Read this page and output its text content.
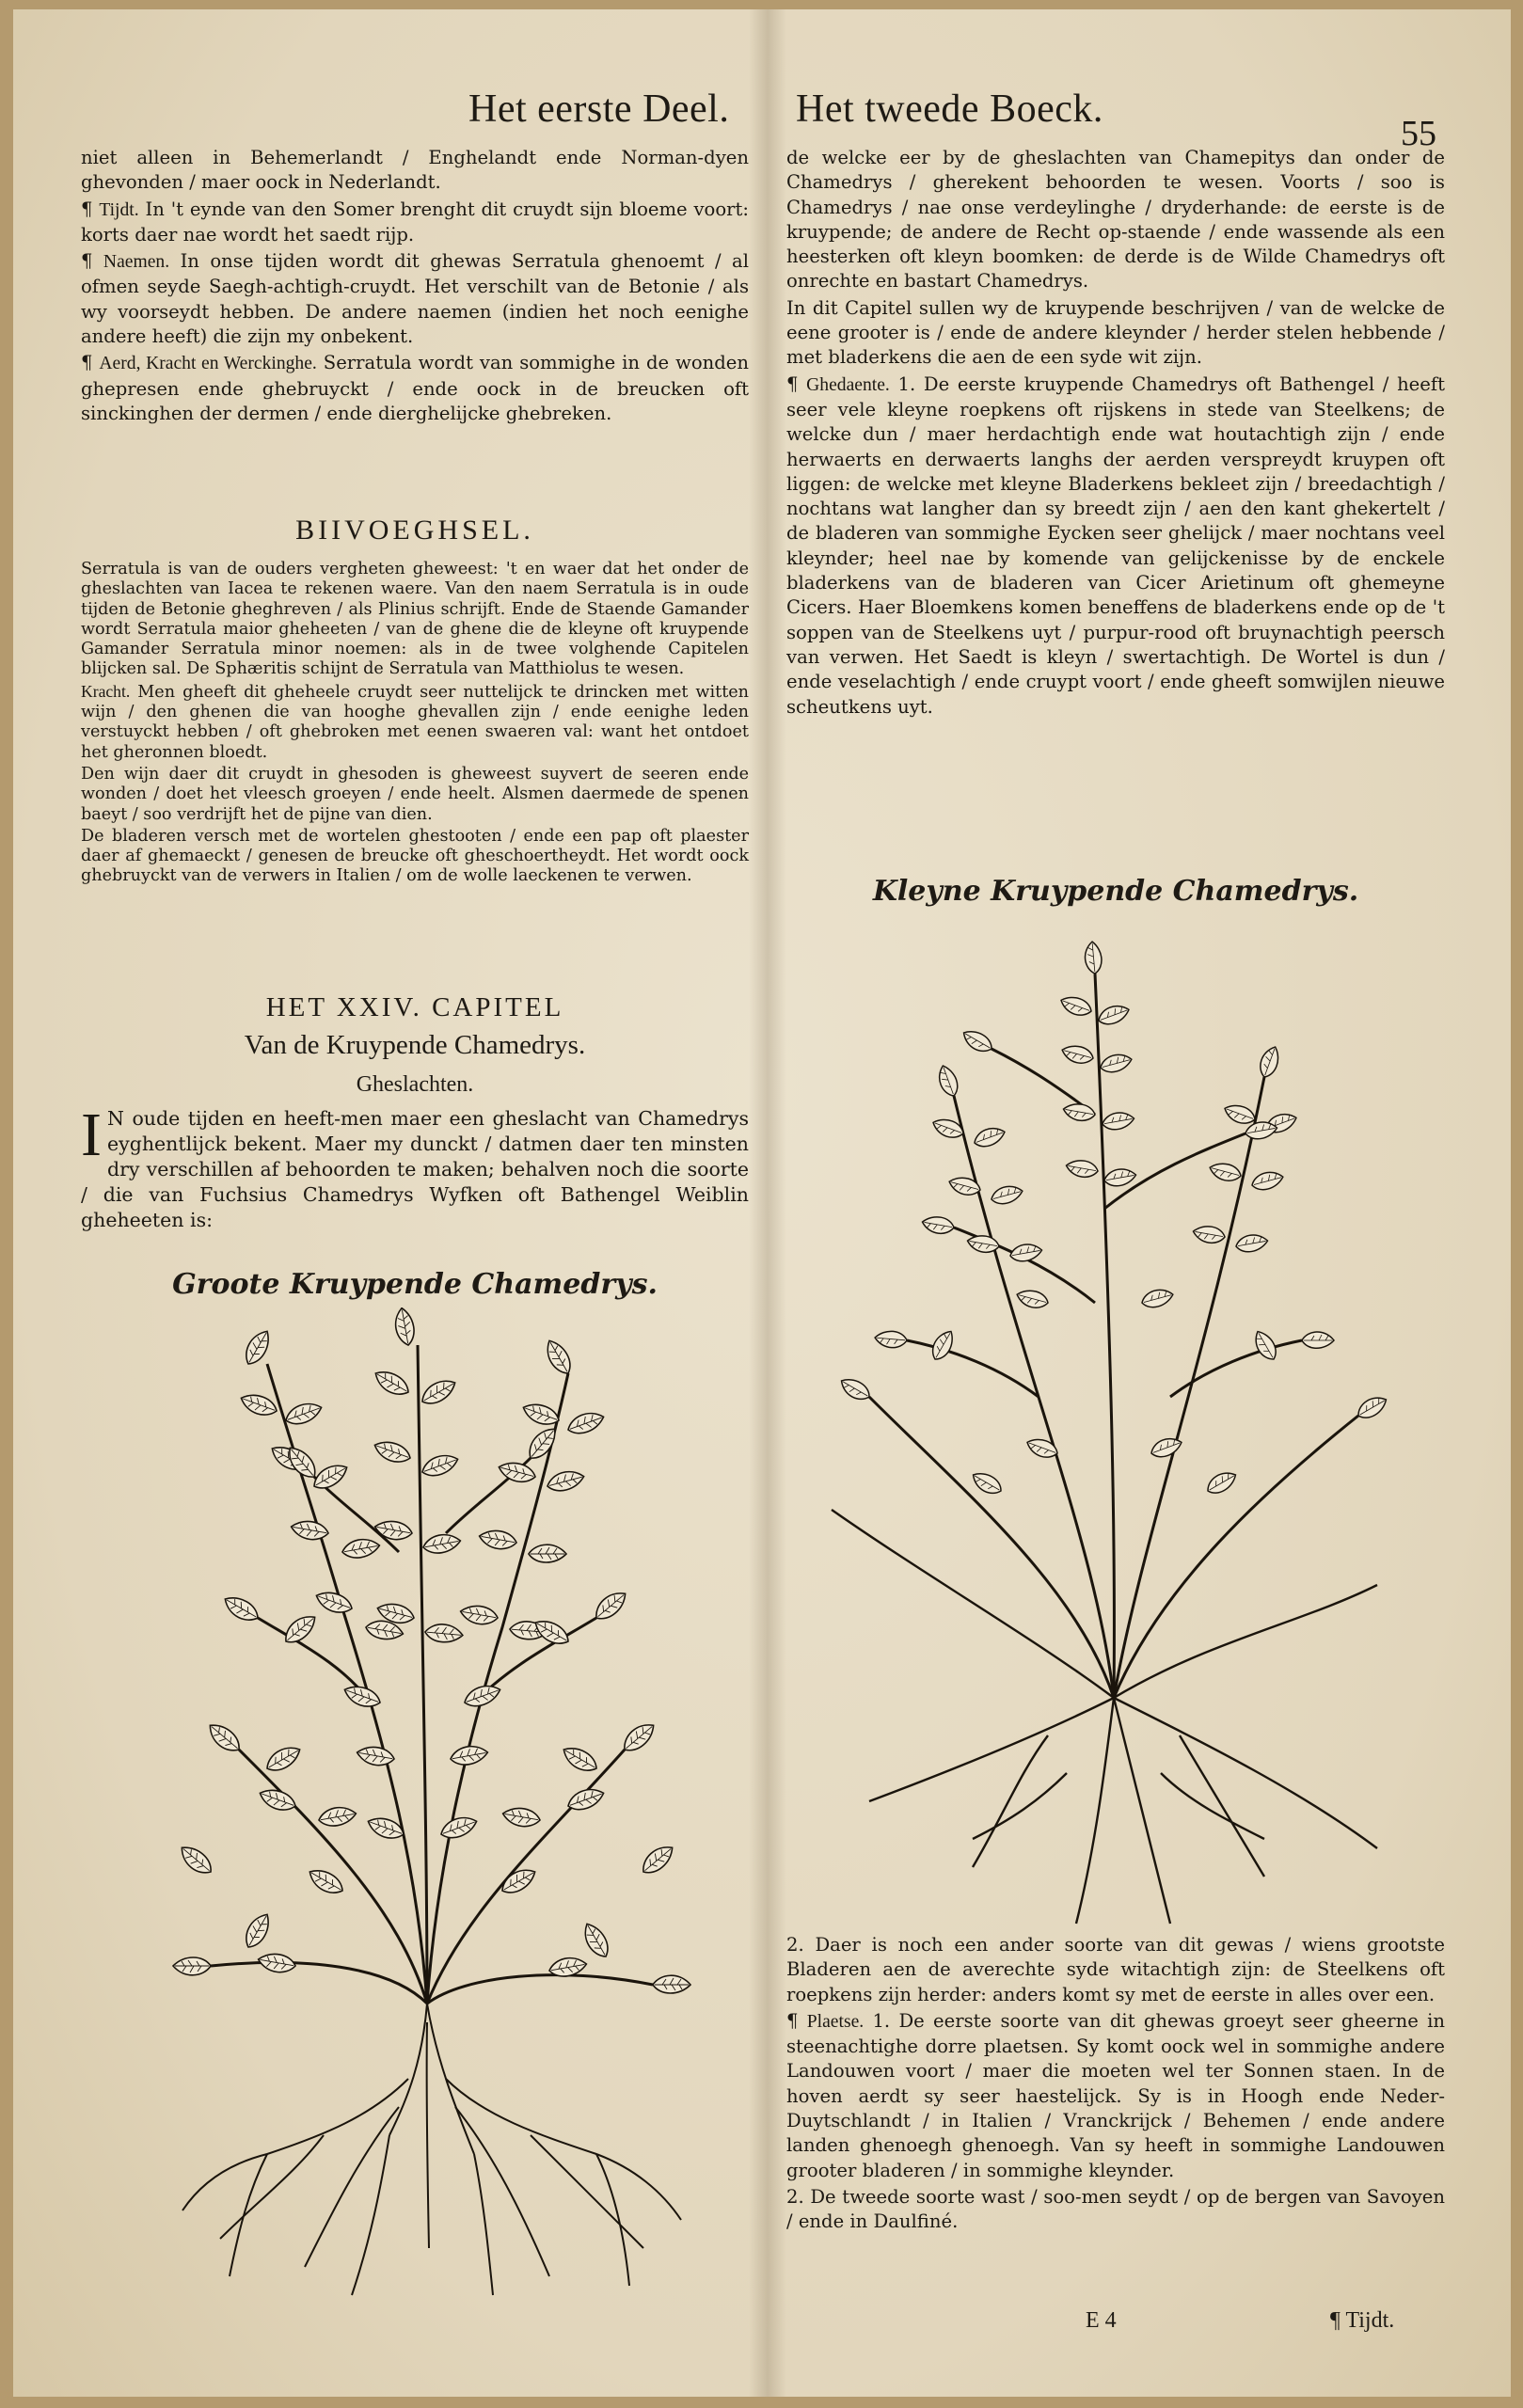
Het eerste Deel. Het tweede Boeck.
55

niet alleen in Behemerlandt / Enghelandt ende Norman-dyen ghevonden / maer oock in Nederlandt.

¶ Tijdt. In 't eynde van den Somer brenght dit cruydt sijn bloeme voort: korts daer nae wordt het saedt rijp.

¶ Naemen. In onse tijden wordt dit ghewas Serratula ghenoemt / al ofmen seyde Saegh-achtigh-cruydt. Het verschilt van de Betonie / als wy voorseydt hebben. De andere naemen (indien het noch eenighe andere heeft) die zijn my onbekent.

¶ Aerd, Kracht en Werckinghe. Serratula wordt van sommighe in de wonden ghepresen ende ghebruyckt / ende oock in de breucken oft sinckinghen der dermen / ende dierghelijcke ghebreken.

BIIVOEGHSEL.

Serratula is van de ouders vergheten gheweest: 't en waer dat het onder de gheslachten van Iacea te rekenen waere. Van den naem Serratula is in oude tijden de Betonie gheghreven / als Plinius schrijft. Ende de Staende Gamander wordt Serratula maior gheheeten / van de ghene die de kleyne oft kruypende Gamander Serratula minor noemen: als in de twee volghende Capitelen blijcken sal. De Sphæritis schijnt de Serratula van Matthiolus te wesen.

Kracht. Men gheeft dit gheheele cruydt seer nuttelijck te drincken met witten wijn / den ghenen die van hooghe ghevallen zijn / ende eenighe leden verstuyckt hebben / oft ghebroken met eenen swaeren val: want het ontdoet het gheronnen bloedt.

Den wijn daer dit cruydt in ghesoden is gheweest suyvert de seeren ende wonden / doet het vleesch groeyen / ende heelt. Alsmen daermede de spenen baeyt / soo verdrijft het de pijne van dien.

De bladeren versch met de wortelen ghestooten / ende een pap oft plaester daer af ghemaeckt / genesen de breucke oft gheschoertheydt. Het wordt oock ghebruyckt van de verwers in Italien / om de wolle laeckenen te verwen.

HET XXIV. CAPITEL
Van de Kruypende Chamedrys.
Gheslachten.

I N oude tijden en heeft-men maer een gheslacht van Chamedrys eyghentlijck bekent. Maer my dunckt / datmen daer ten minsten dry verschillen af behoorden te maken; behalven noch die soorte / die van Fuchsius Chamedrys Wyfken oft Bathengel Weiblin gheheeten is:

Groote Kruypende Chamedrys.

de welcke eer by de gheslachten van Chamepitys dan onder de Chamedrys / gherekent behoorden te wesen. Voorts / soo is Chamedrys / nae onse verdeylinghe / dryderhande: de eerste is de kruypende; de andere de Recht op-staende / ende wassende als een heesterken oft kleyn boomken: de derde is de Wilde Chamedrys oft onrechte en bastart Chamedrys.

In dit Capitel sullen wy de kruypende beschrijven / van de welcke de eene grooter is / ende de andere kleynder / herder stelen hebbende / met bladerkens die aen de een syde wit zijn.

¶ Ghedaente. 1. De eerste kruypende Chamedrys oft Bathengel / heeft seer vele kleyne roepkens oft rijskens in stede van Steelkens; de welcke dun / maer herdachtigh ende wat houtachtigh zijn / ende herwaerts en derwaerts langhs der aerden verspreydt kruypen oft liggen: de welcke met kleyne Bladerkens bekleet zijn / breedachtigh / nochtans wat langher dan sy breedt zijn / aen den kant ghekertelt / de bladeren van sommighe Eycken seer ghelijck / maer nochtans veel kleynder; heel nae by komende van gelijckenisse by de enckele bladerkens van de bladeren van Cicer Arietinum oft ghemeyne Cicers. Haer Bloemkens komen beneffens de bladerkens ende op de 't soppen van de Steelkens uyt / purpur-rood oft bruynachtigh peersch van verwen. Het Saedt is kleyn / swertachtigh. De Wortel is dun / ende veselachtigh / ende cruypt voort / ende gheeft somwijlen nieuwe scheutkens uyt.

Kleyne Kruypende Chamedrys.

2. Daer is noch een ander soorte van dit gewas / wiens grootste Bladeren aen de averechte syde witachtigh zijn: de Steelkens oft roepkens zijn herder: anders komt sy met de eerste in alles over een.

¶ Plaetse. 1. De eerste soorte van dit ghewas groeyt seer gheerne in steenachtighe dorre plaetsen. Sy komt oock wel in sommighe andere Landouwen voort / maer die moeten wel ter Sonnen staen. In de hoven aerdt sy seer haestelijck. Sy is in Hoogh ende Neder-Duytschlandt / in Italien / Vranckrijck / Behemen / ende andere landen ghenoegh ghenoegh. Van sy heeft in sommighe Landouwen grooter bladeren / in sommighe kleynder.

2. De tweede soorte wast / soo-men seydt / op de bergen van Savoyen / ende in Daulfiné.

E 4	¶ Tijdt.
